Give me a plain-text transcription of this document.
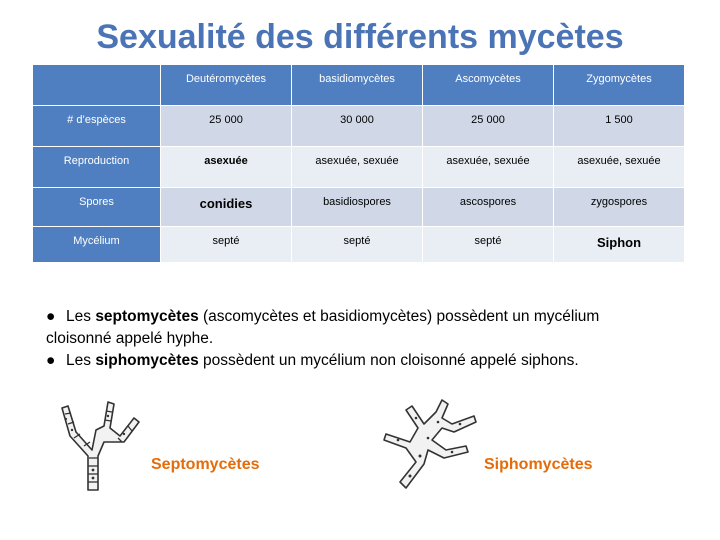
Sexualité des différents mycètes
	Deutéromycètes	basidiomycètes	Ascomycètes	Zygomycètes
# d’espèces	25 000	30 000	25 000	1 500
Reproduction	asexuée	asexuée, sexuée	asexuée, sexuée	asexuée, sexuée
Spores	conidies	basidiospores	ascospores	zygospores
Mycélium	septé	septé	septé	Siphon

● Les septomycètes (ascomycètes et basidiomycètes) possèdent un mycélium cloisonné appelé hyphe.

● Les siphomycètes possèdent un mycélium non cloisonné appelé siphons.

Septomycètes	Siphomycètes
